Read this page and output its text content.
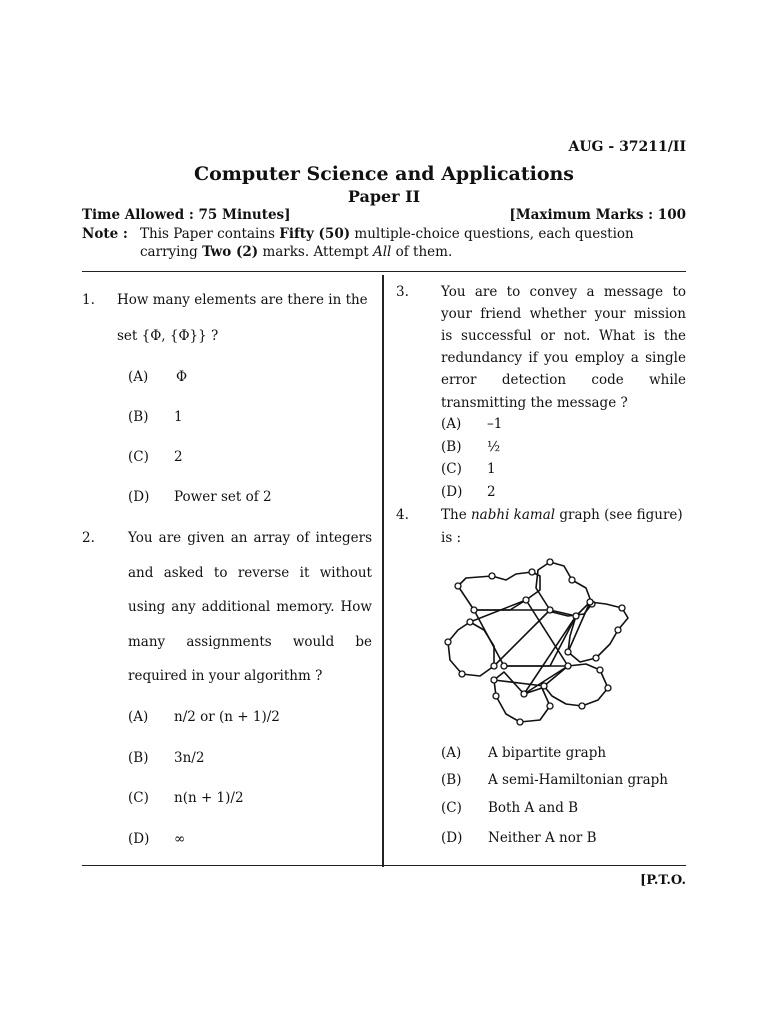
AUG - 37211/II
Computer Science and Applications
Paper II
Time Allowed : 75 Minutes]	[Maximum Marks : 100
Note : This Paper contains Fifty (50) multiple-choice questions, each question
carrying Two (2) marks. Attempt All of them.
1. How many elements are there in the
set {Φ, {Φ}} ?
(A) Φ
(B) 1
(C) 2
(D) Power set of 2
2. You are given an array of integers
and asked to reverse it without
using any additional memory. How
many assignments would be
required in your algorithm ?
(A) n/2 or (n + 1)/2
(B) 3n/2
(C) n(n + 1)/2
(D) ∞
3. You are to convey a message to
your friend whether your mission
is successful or not. What is the
redundancy if you employ a single
error detection code while
transmitting the message ?
(A) –1
(B) ½
(C) 1
(D) 2
4. The nabhi kamal graph (see figure)
is :
(A) A bipartite graph
(B) A semi-Hamiltonian graph
(C) Both A and B
(D) Neither A nor B
[P.T.O.
